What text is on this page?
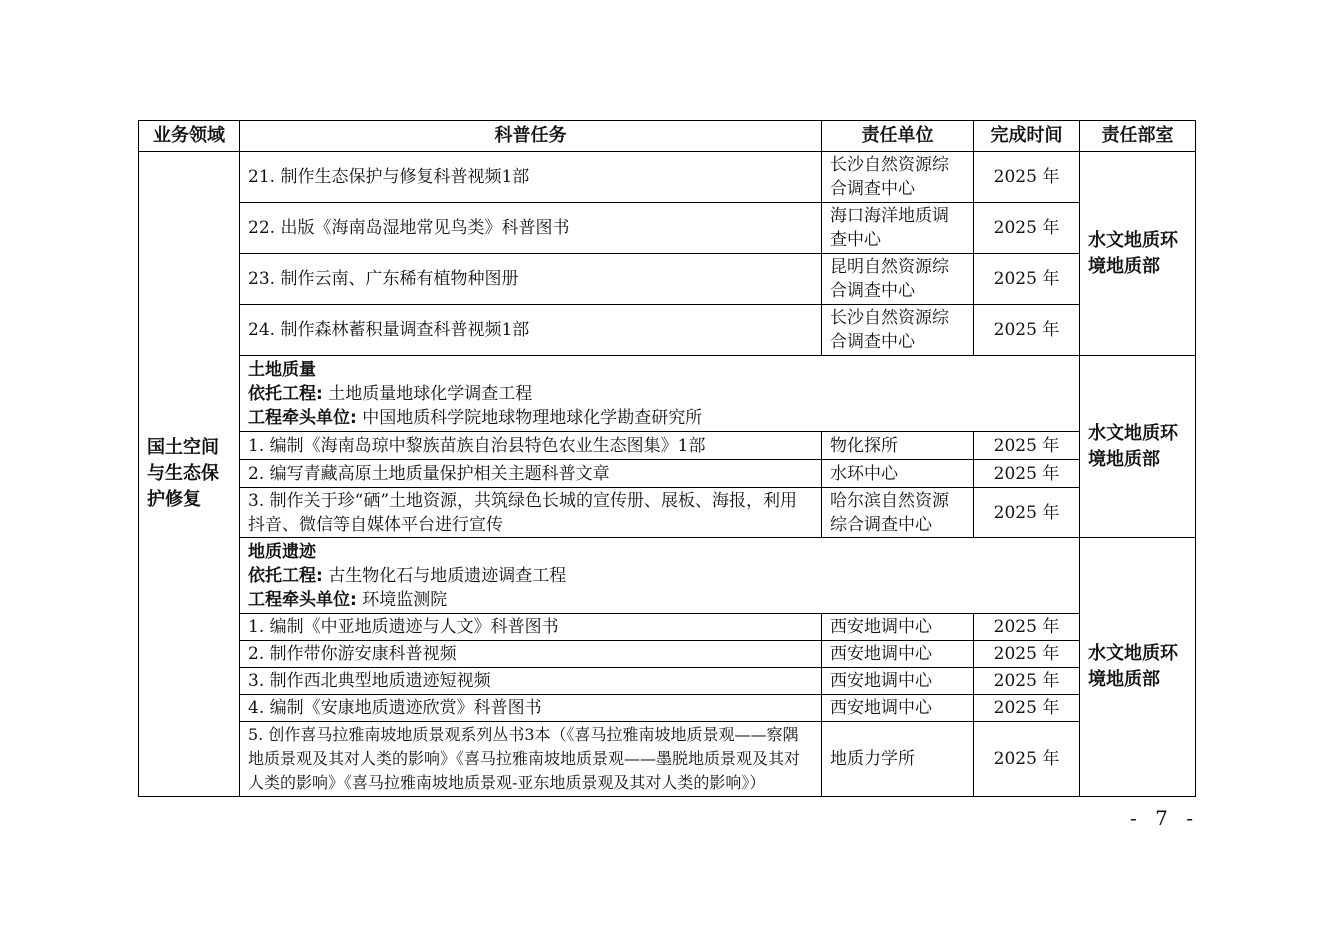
业务领域	科普任务	责任单位	完成时间	责任部室
国土空间与生态保护修复	21. 制作生态保护与修复科普视频1部	长沙自然资源综合调查中心	2025 年	水文地质环境地质部
	22. 出版《海南岛湿地常见鸟类》科普图书	海口海洋地质调查中心	2025 年	
	23. 制作云南、广东稀有植物种图册	昆明自然资源综合调查中心	2025 年	
	24. 制作森林蓄积量调查科普视频1部	长沙自然资源综合调查中心	2025 年	

	土地质量
依托工程: 土地质量地球化学调查工程
工程牵头单位: 中国地质科学院地球物理地球化学勘查研究所			水文地质环境地质部
	1. 编制《海南岛琼中黎族苗族自治县特色农业生态图集》1部	物化探所	2025 年	
	2. 编写青藏高原土地质量保护相关主题科普文章	水环中心	2025 年	
	3. 制作关于珍“硒”土地资源，共筑绿色长城的宣传册、展板、海报，利用抖音、微信等自媒体平台进行宣传	哈尔滨自然资源综合调查中心	2025 年	

	地质遗迹
依托工程: 古生物化石与地质遗迹调查工程
工程牵头单位: 环境监测院			水文地质环境地质部
	1. 编制《中亚地质遗迹与人文》科普图书	西安地调中心	2025 年	
	2. 制作带你游安康科普视频	西安地调中心	2025 年	
	3. 制作西北典型地质遗迹短视频	西安地调中心	2025 年	
	4. 编制《安康地质遗迹欣赏》科普图书	西安地调中心	2025 年	
	5. 创作喜马拉雅南坡地质景观系列丛书3本（《喜马拉雅南坡地质景观——察隅地质景观及其对人类的影响》《喜马拉雅南坡地质景观——墨脱地质景观及其对人类的影响》《喜马拉雅南坡地质景观-亚东地质景观及其对人类的影响》）	地质力学所	2025 年	
- 7 -
